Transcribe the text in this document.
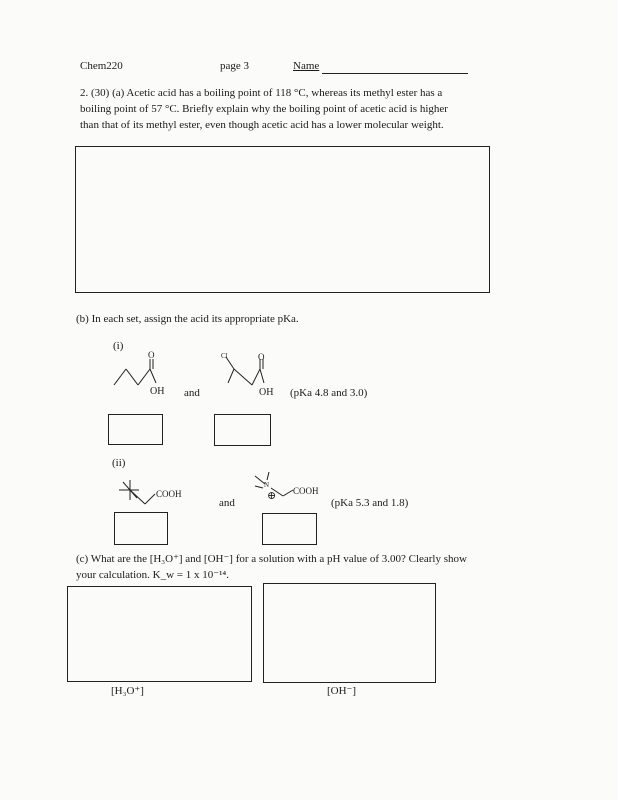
Chem220	page 3	Name
2. (30) (a) Acetic acid has a boiling point of 118 °C, whereas its methyl ester has a
boiling point of 57 °C. Briefly explain why the boiling point of acetic acid is higher
than that of its methyl ester, even though acetic acid has a lower molecular weight.
(b) In each set, assign the acid its appropriate pKa.
(i)
O
OH
Cl	O
OH
and	(pKa 4.8 and 3.0)
(ii)
COOH
N
COOH
⊕
and	(pKa 5.3 and 1.8)
(c) What are the [H₃O⁺] and [OH⁻] for a solution with a pH value of 3.00? Clearly show
your calculation. K_w = 1 x 10⁻¹⁴.
[H₃O⁺]	[OH⁻]
